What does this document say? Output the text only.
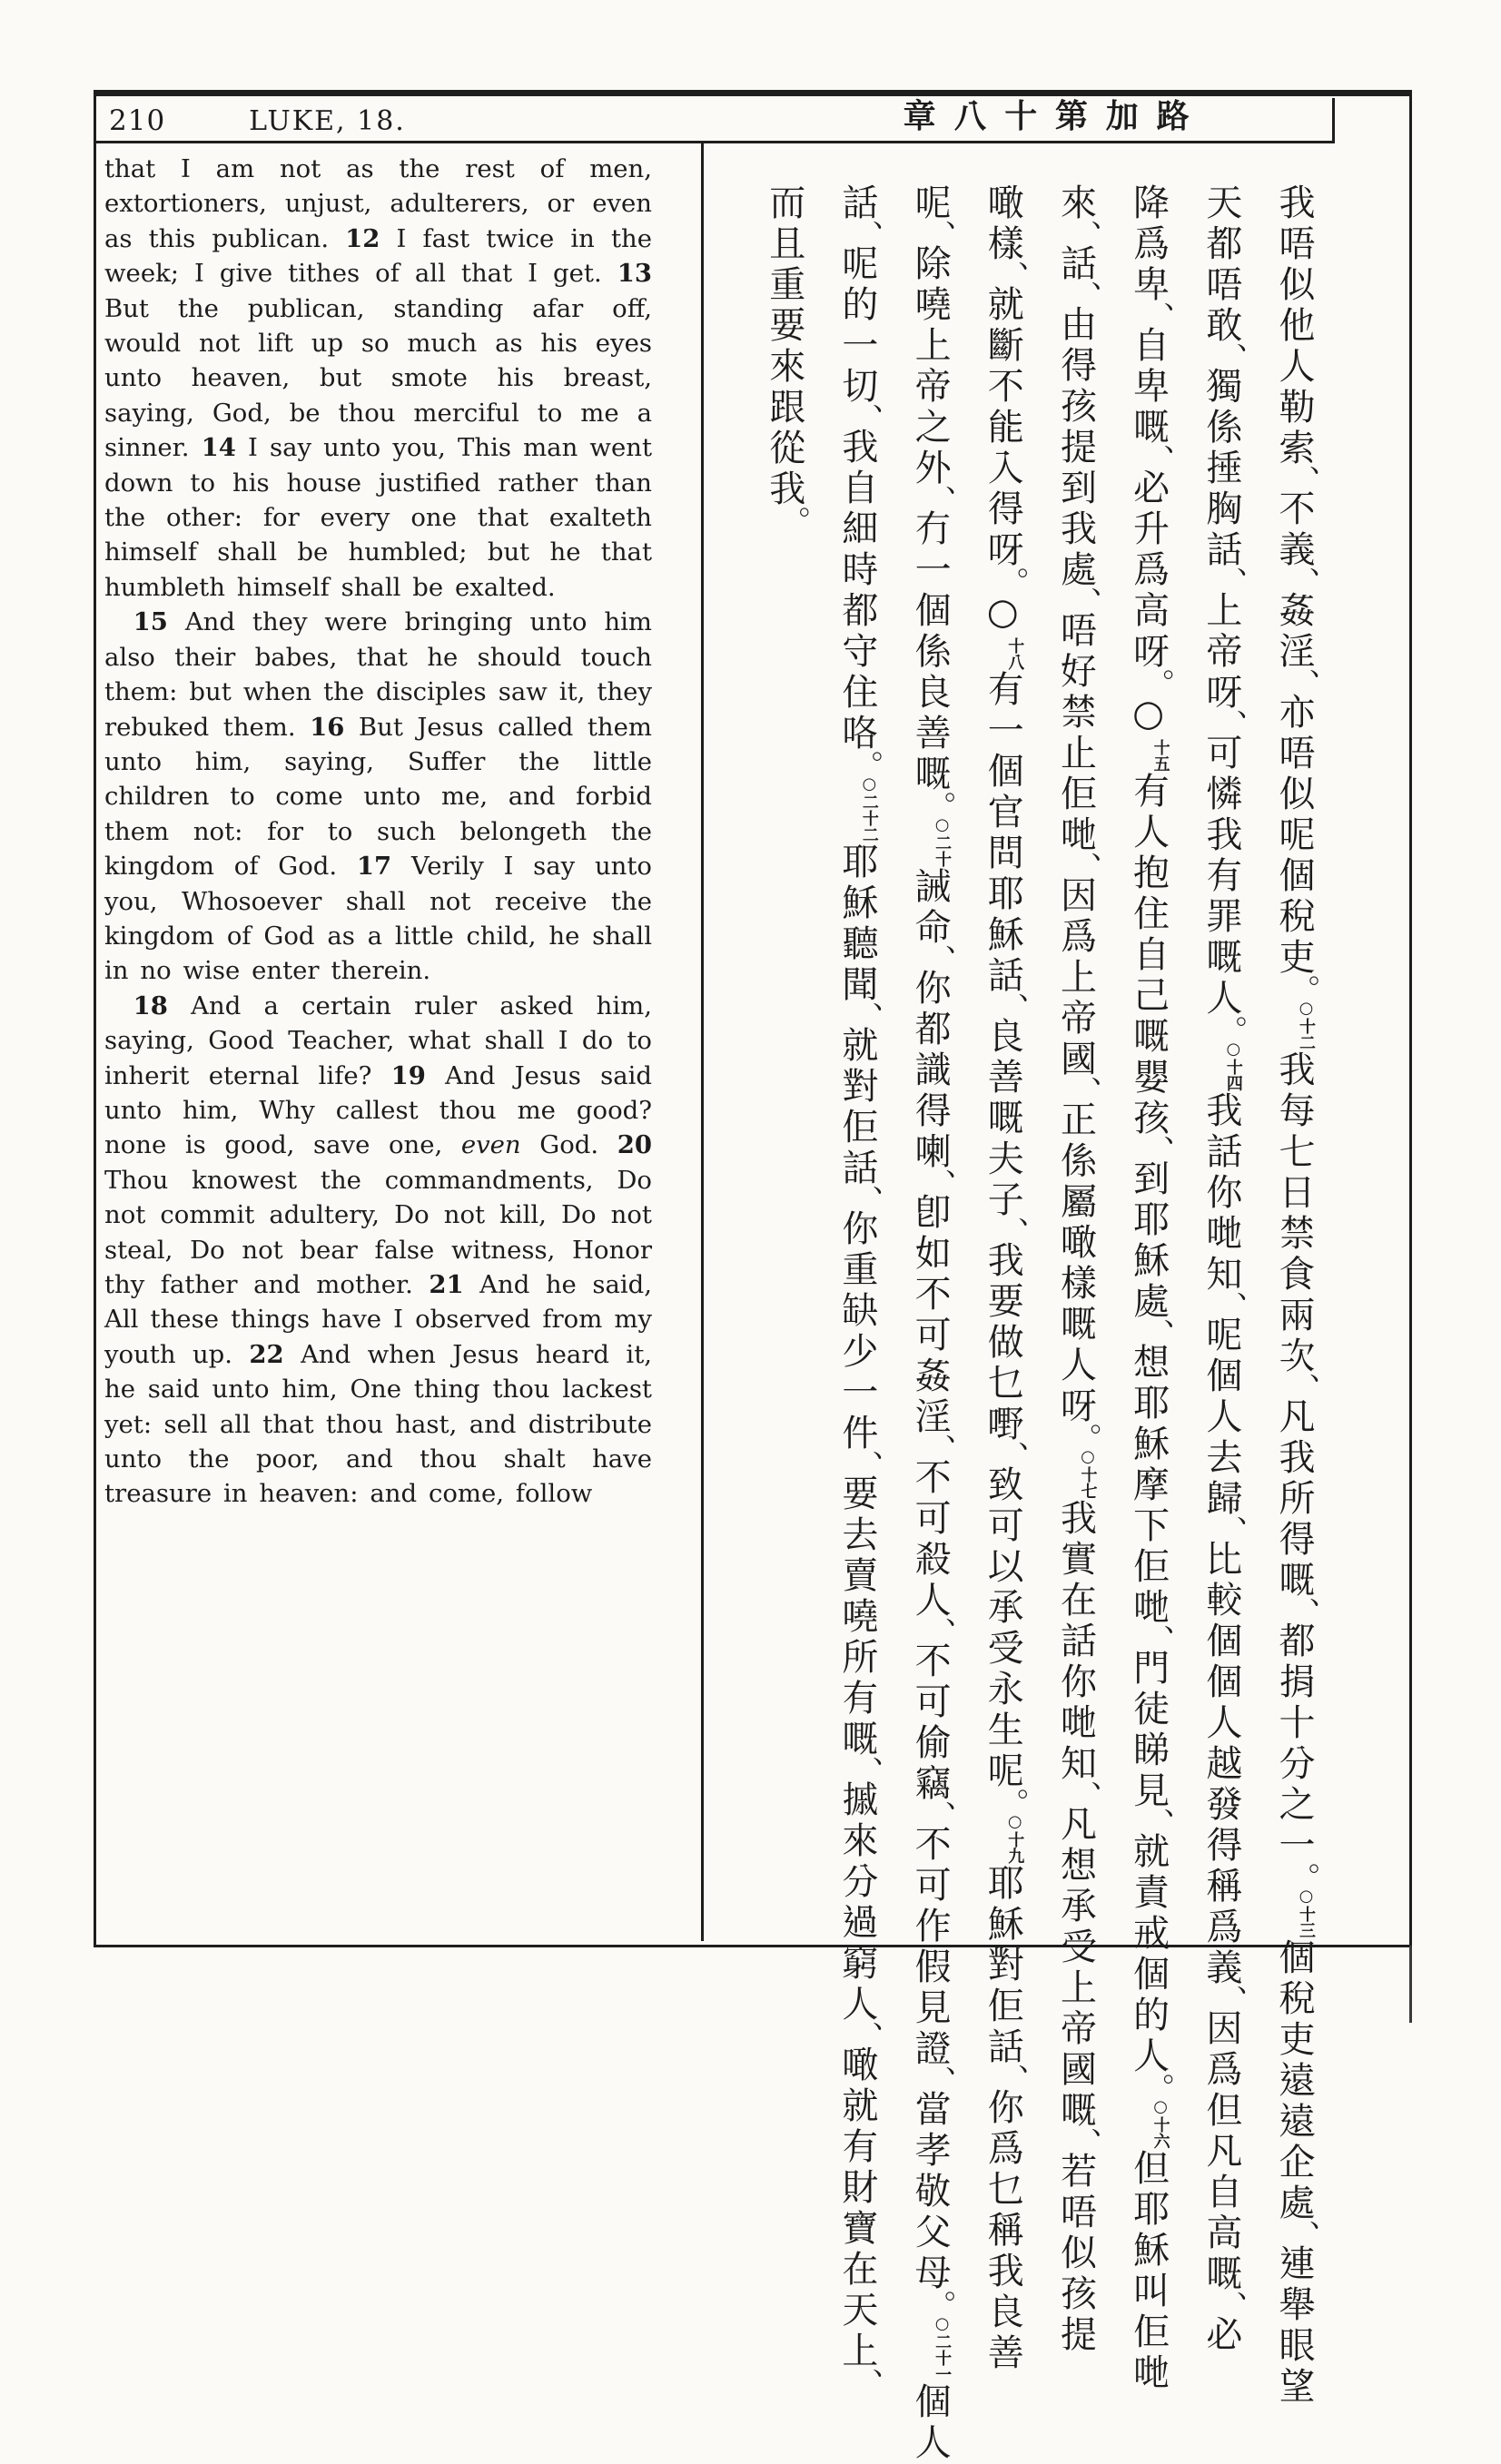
210	LUKE, 18.	章八十第加路

that I am not as the rest of men, extortioners, unjust, adulterers, or even as this publican. 12 I fast twice in the week; I give tithes of all that I get. 13 But the publican, standing afar off, would not lift up so much as his eyes unto heaven, but smote his breast, saying, God, be thou merciful to me a sinner. 14 I say unto you, This man went down to his house justified rather than the other: for every one that exalteth himself shall be humbled; but he that humbleth himself shall be exalted.

15 And they were bringing unto him also their babes, that he should touch them: but when the disciples saw it, they rebuked them. 16 But Jesus called them unto him, saying, Suffer the little children to come unto me, and forbid them not: for to such belongeth the kingdom of God. 17 Verily I say unto you, Whosoever shall not receive the kingdom of God as a little child, he shall in no wise enter therein.

18 And a certain ruler asked him, saying, Good Teacher, what shall I do to inherit eternal life? 19 And Jesus said unto him, Why callest thou me good? none is good, save one, even God. 20 Thou knowest the commandments, Do not commit adultery, Do not kill, Do not steal, Do not bear false witness, Honor thy father and mother. 21 And he said, All these things have I observed from my youth up. 22 And when Jesus heard it, he said unto him, One thing thou lackest yet: sell all that thou hast, and distribute unto the poor, and thou shalt have treasure in heaven: and come, follow

我唔似他人勒索、不義、姦淫、亦唔似呢個稅吏。○十二我每七日禁食兩次、凡我所得嘅、都捐十分之一。○十三個稅吏遠遠企處、連舉眼望
天都唔敢、獨係捶胸話、上帝呀、可憐我有罪嘅人。○十四我話你哋知、呢個人去歸、比較個個人越發得稱爲義、因爲但凡自高嘅、必
降爲卑、自卑嘅、必升爲高呀。○十五有人抱住自己嘅嬰孩、到耶穌處、想耶穌摩下佢哋、門徒睇見、就責戒個的人。○十六但耶穌叫佢哋
來、話、由得孩提到我處、唔好禁止佢哋、因爲上帝國、正係屬噉樣嘅人呀。○十七我實在話你哋知、凡想承受上帝國嘅、若唔似孩提
噉樣、就斷不能入得呀。○十八有一個官問耶穌話、良善嘅夫子、我要做乜嘢、致可以承受永生呢。○十九耶穌對佢話、你爲乜稱我良善
呢、除嘵上帝之外、冇一個係良善嘅。○二十誡命、你都識得喇、卽如不可姦淫、不可殺人、不可偷竊、不可作假見證、當孝敬父母。○二十一個人
話、呢的一切、我自細時都守住咯。○二十二耶穌聽聞、就對佢話、你重缺少一件、要去賣嘵所有嘅、摵來分過窮人、噉就有財寶在天上、
而且重要來跟從我。
